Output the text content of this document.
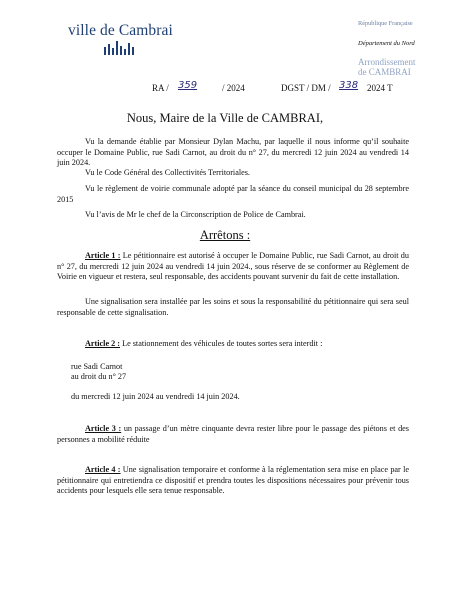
ville de Cambrai	République Française
Département du Nord
Arrondissement
de CAMBRAI
RA / 359	/ 2024	DGST / DM / 338 2024 T
Nous, Maire de la Ville de CAMBRAI,
Vu la demande établie par Monsieur Dylan Machu, par laquelle il nous informe qu’il souhaite occuper le Domaine Public, rue Sadi Carnot, au droit du n° 27, du mercredi 12 juin 2024 au vendredi 14 juin 2024.
Vu le Code Général des Collectivités Territoriales.
Vu le règlement de voirie communale adopté par la séance du conseil municipal du 28 septembre 2015
Vu l’avis de Mr le chef de la Circonscription de Police de Cambrai.
Arrêtons :
Article 1 : Le pétitionnaire est autorisé à occuper le Domaine Public, rue Sadi Carnot, au droit du n° 27, du mercredi 12 juin 2024 au vendredi 14 juin 2024., sous réserve de se conformer au Règlement de Voirie en vigueur et restera, seul responsable, des accidents pouvant survenir du fait de cette installation.
Une signalisation sera installée par les soins et sous la responsabilité du pétitionnaire qui sera seul responsable de cette signalisation.
Article 2 : Le stationnement des véhicules de toutes sortes sera interdit :
rue Sadi Carnot
au droit du n° 27
du mercredi 12 juin 2024 au vendredi 14 juin 2024.
Article 3 : un passage d’un mètre cinquante devra rester libre pour le passage des piétons et des personnes a mobilité réduite
Article 4 : Une signalisation temporaire et conforme à la réglementation sera mise en place par le pétitionnaire qui entretiendra ce dispositif et prendra toutes les dispositions nécessaires pour prévenir tous accidents pour lesquels elle sera tenue responsable.
